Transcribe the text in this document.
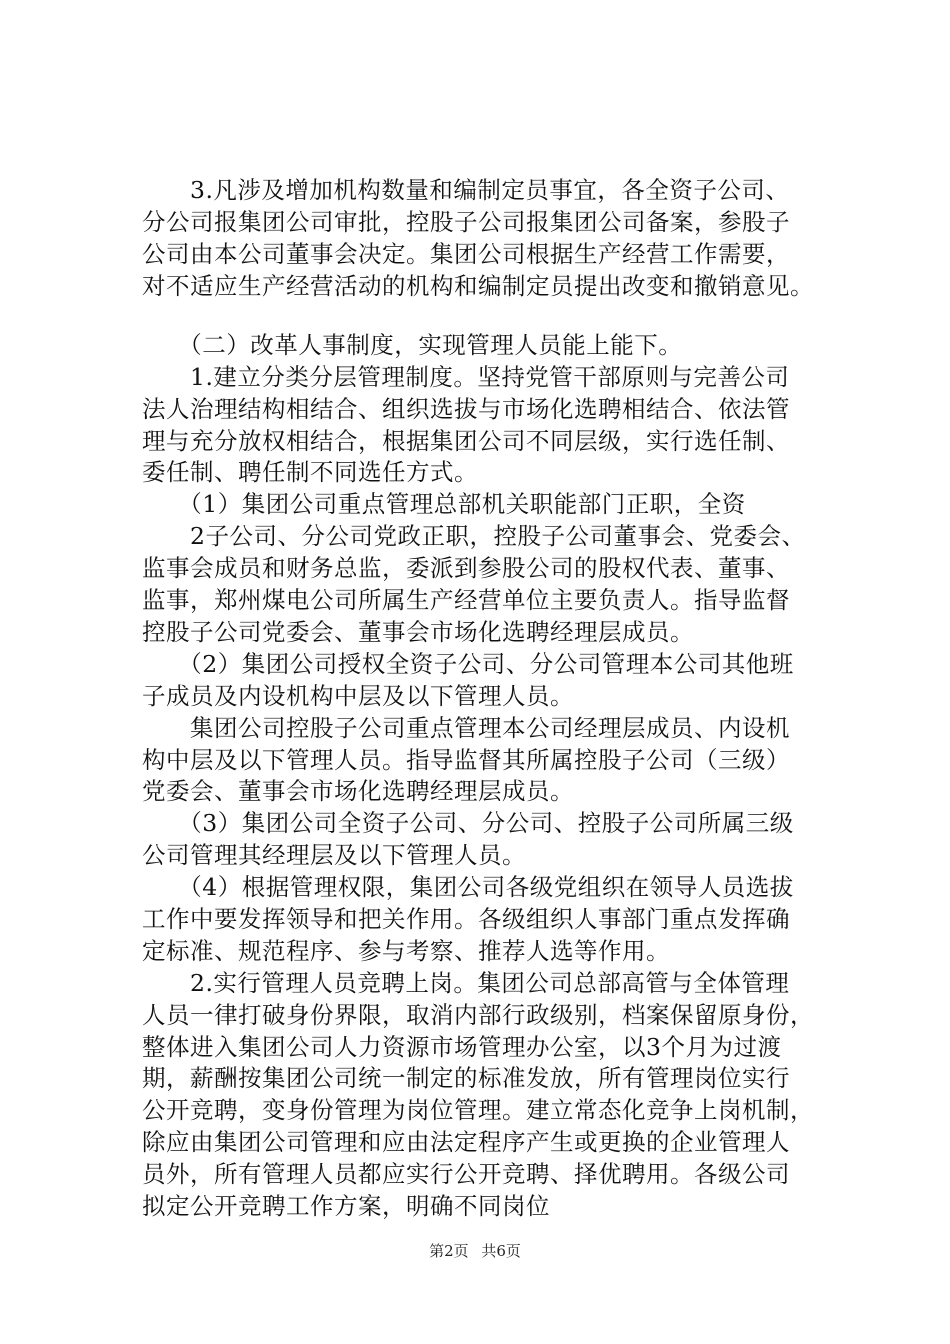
　　3.凡涉及增加机构数量和编制定员事宜，各全资子公司、
分公司报集团公司审批，控股子公司报集团公司备案，参股子
公司由本公司董事会决定。集团公司根据生产经营工作需要，
对不适应生产经营活动的机构和编制定员提出改变和撤销意见。
　　（二）改革人事制度，实现管理人员能上能下。
　　1.建立分类分层管理制度。坚持党管干部原则与完善公司
法人治理结构相结合、组织选拔与市场化选聘相结合、依法管
理与充分放权相结合，根据集团公司不同层级，实行选任制、
委任制、聘任制不同选任方式。
　　（1）集团公司重点管理总部机关职能部门正职，全资
　　2子公司、分公司党政正职，控股子公司董事会、党委会、
监事会成员和财务总监，委派到参股公司的股权代表、董事、
监事，郑州煤电公司所属生产经营单位主要负责人。指导监督
控股子公司党委会、董事会市场化选聘经理层成员。
　　（2）集团公司授权全资子公司、分公司管理本公司其他班
子成员及内设机构中层及以下管理人员。
　　集团公司控股子公司重点管理本公司经理层成员、内设机
构中层及以下管理人员。指导监督其所属控股子公司（三级）
党委会、董事会市场化选聘经理层成员。
　　（3）集团公司全资子公司、分公司、控股子公司所属三级
公司管理其经理层及以下管理人员。
　　（4）根据管理权限，集团公司各级党组织在领导人员选拔
工作中要发挥领导和把关作用。各级组织人事部门重点发挥确
定标准、规范程序、参与考察、推荐人选等作用。
　　2.实行管理人员竞聘上岗。集团公司总部高管与全体管理
人员一律打破身份界限，取消内部行政级别，档案保留原身份，
整体进入集团公司人力资源市场管理办公室，以3个月为过渡
期，薪酬按集团公司统一制定的标准发放，所有管理岗位实行
公开竞聘，变身份管理为岗位管理。建立常态化竞争上岗机制，
除应由集团公司管理和应由法定程序产生或更换的企业管理人
员外，所有管理人员都应实行公开竞聘、择优聘用。各级公司
拟定公开竞聘工作方案，明确不同岗位
第2页 共6页
